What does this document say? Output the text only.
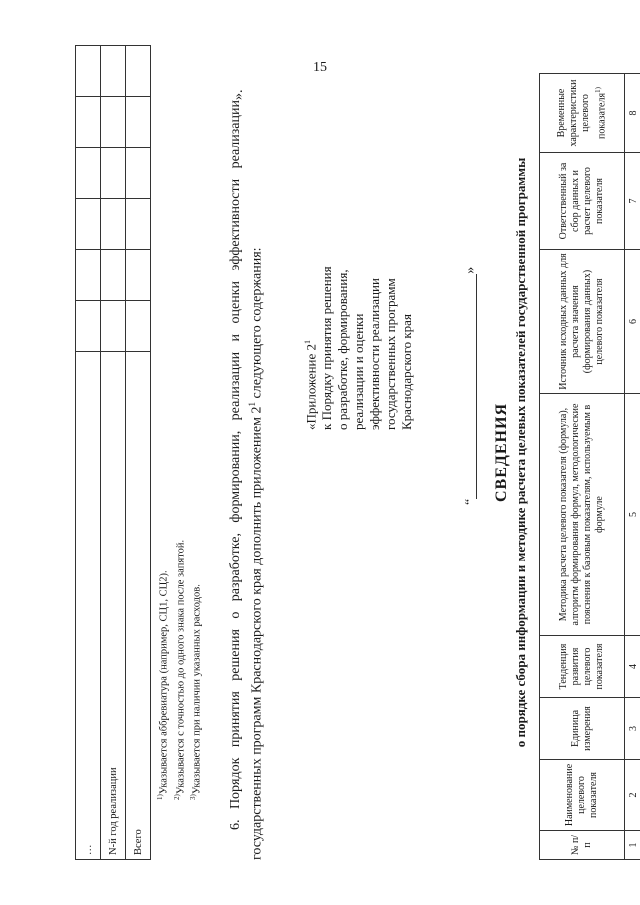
15
…						
N-й год реализации						
Всего						
$^{1)}$Указывается аббревиатура (например, СЦ1, СЦ2).
$^{2)}$Указывается с точностью до одного знака после запятой.
$^{3)}$Указывается при наличии указанных расходов. 6. Порядок принятия решения о разработке, формировании, реализации и оценки эффективности реализации государственных программ Краснодарского края дополнить приложением $2^1$ следующего содержания:
».
«Приложение $2^1$ к Порядку принятия решения о разработке, формирования, реализации и оценки эффективности реализации государственных программ Краснодарского края
“»
СВЕДЕНИЯ о порядке сбора информации и методике расчета целевых показателей государственной программы
№ п/п	Наименование целевого показателя	Единица измерения	Тенденция развития целевого показателя	Методика расчета целевого показателя (формула), алгоритм формирования формул, методологические пояснения к базовым показателям, используемым в формуле	Источник исходных данных для расчета значения (формирования данных) целевого показателя	Ответственный за сбор данных и расчет целевого показателя	Временные характеристики целевого показателя$^{1)}$
1	2	3	4	5	6	7	8
